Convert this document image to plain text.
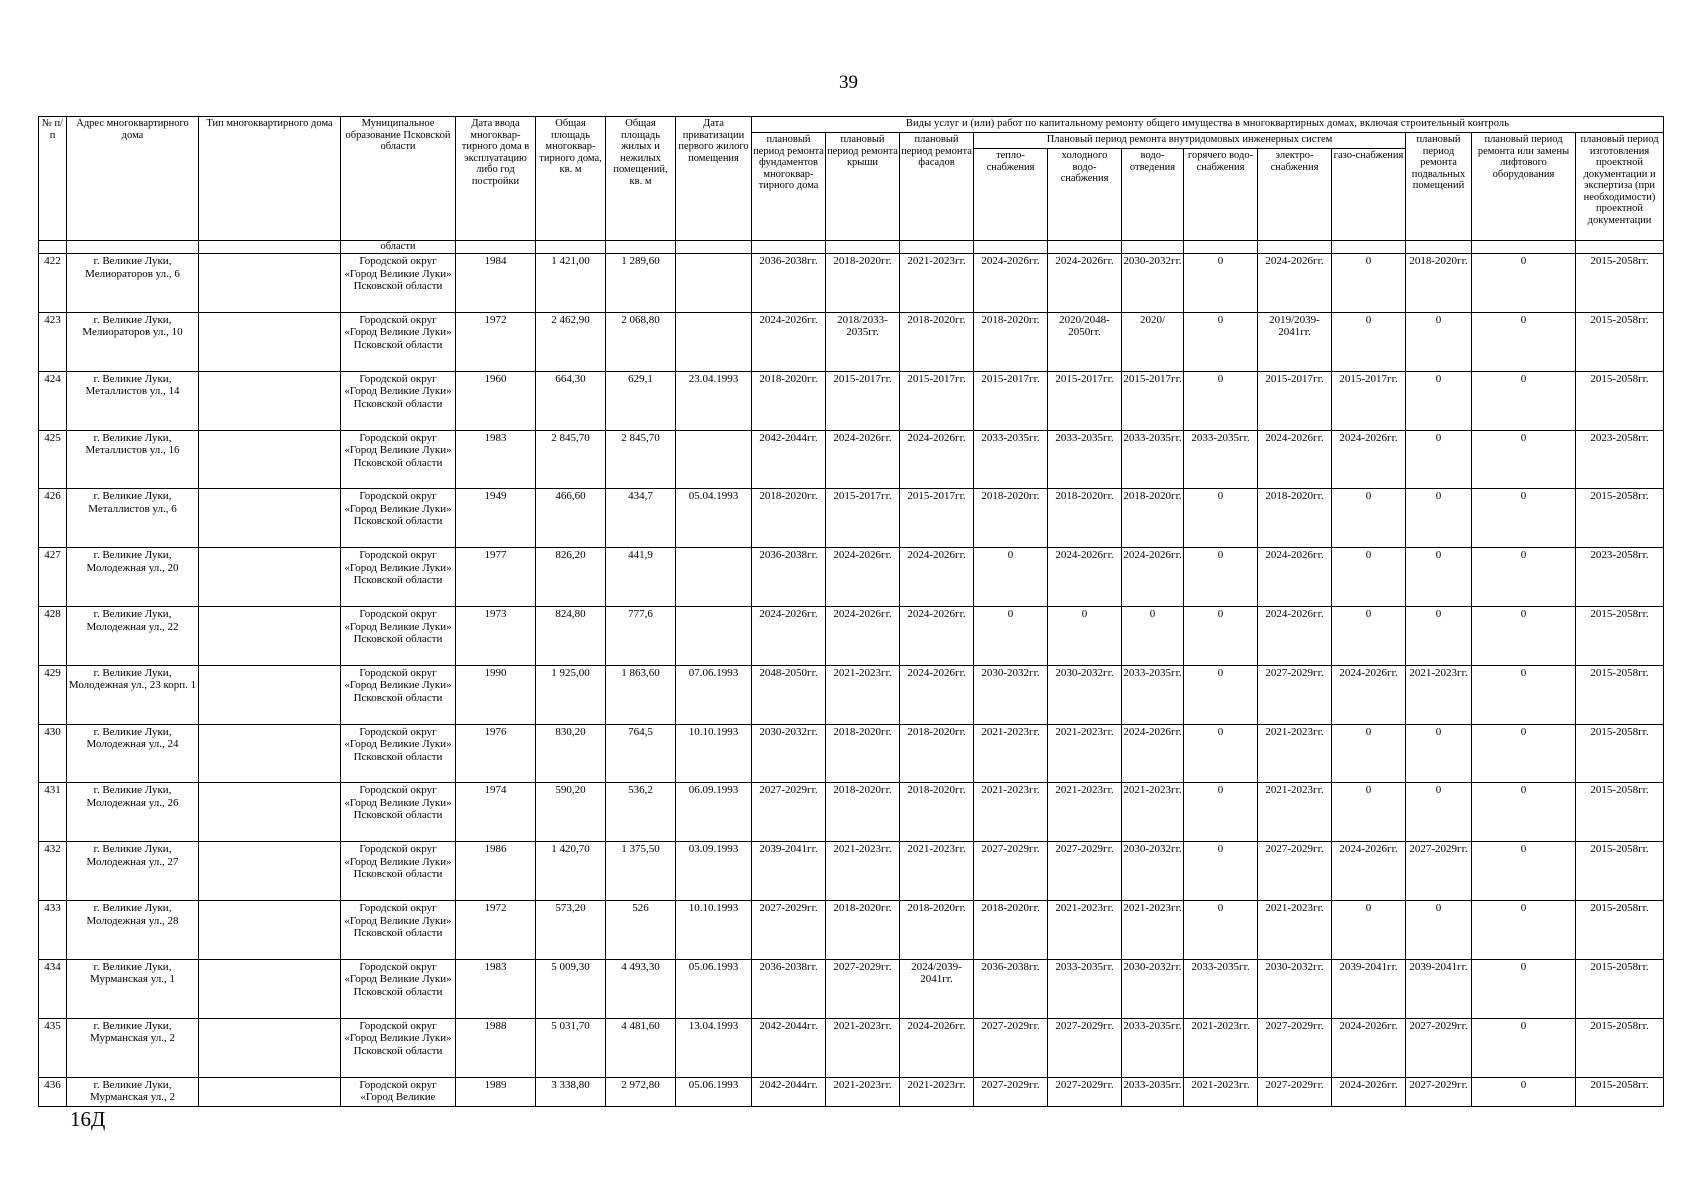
39
№ п/п	Адрес многоквартирного дома	Тип многоквартирного дома	Муниципальное образование Псковской области	Дата ввода многоквар-тирного дома в эксплуатацию либо год постройки	Общая площадь многоквар-тирного дома, кв. м	Общая площадь жилых и нежилых помещений, кв. м	Дата приватизации первого жилого помещения	Виды услуг и (или) работ по капитальному ремонту общего имущества в многоквартирных домах, включая строительный контроль											
								плановый период ремонта фундаментов многоквар-тирного дома	плановый период ремонта крыши	плановый период ремонта фасадов	Плановый период ремонта внутридомовых инженерных систем						плановый период ремонта подвальных помещений	плановый период ремонта или замены лифтового оборудования	плановый период изготовления проектной документации и экспертиза (при необходимости) проектной документации
											тепло-снабжения	холодного водо-снабжения	водо-отведения	горячего водо-снабжения	электро-снабжения	газо-снабжения			
			области																
422	г. Великие Луки, Мелиораторов ул., 6		Городской округ «Город Великие Луки» Псковской области	1984	1 421,00	1 289,60		2036-2038гг.	2018-2020гг.	2021-2023гг.	2024-2026гг.	2024-2026гг.	2030-2032гг.	0	2024-2026гг.	0	2018-2020гг.	0	2015-2058гг.
423	г. Великие Луки, Мелиораторов ул., 10		Городской округ «Город Великие Луки» Псковской области	1972	2 462,90	2 068,80		2024-2026гг.	2018/2033-2035гг.	2018-2020гг.	2018-2020гг.	2020/2048-2050гг.	2020/	0	2019/2039-2041гг.	0	0	0	2015-2058гг.
424	г. Великие Луки, Металлистов ул., 14		Городской округ «Город Великие Луки» Псковской области	1960	664,30	629,1	23.04.1993	2018-2020гг.	2015-2017гг.	2015-2017гг.	2015-2017гг.	2015-2017гг.	2015-2017гг.	0	2015-2017гг.	2015-2017гг.	0	0	2015-2058гг.
425	г. Великие Луки, Металлистов ул., 16		Городской округ «Город Великие Луки» Псковской области	1983	2 845,70	2 845,70		2042-2044гг.	2024-2026гг.	2024-2026гг.	2033-2035гг.	2033-2035гг.	2033-2035гг.	2033-2035гг.	2024-2026гг.	2024-2026гг.	0	0	2023-2058гг.
426	г. Великие Луки, Металлистов ул., 6		Городской округ «Город Великие Луки» Псковской области	1949	466,60	434,7	05.04.1993	2018-2020гг.	2015-2017гг.	2015-2017гг.	2018-2020гг.	2018-2020гг.	2018-2020гг.	0	2018-2020гг.	0	0	0	2015-2058гг.
427	г. Великие Луки, Молодежная ул., 20		Городской округ «Город Великие Луки» Псковской области	1977	826,20	441,9		2036-2038гг.	2024-2026гг.	2024-2026гг.	0	2024-2026гг.	2024-2026гг.	0	2024-2026гг.	0	0	0	2023-2058гг.
428	г. Великие Луки, Молодежная ул., 22		Городской округ «Город Великие Луки» Псковской области	1973	824,80	777,6		2024-2026гг.	2024-2026гг.	2024-2026гг.	0	0	0	0	2024-2026гг.	0	0	0	2015-2058гг.
429	г. Великие Луки, Молодежная ул., 23 корп. 1		Городской округ «Город Великие Луки» Псковской области	1990	1 925,00	1 863,60	07.06.1993	2048-2050гг.	2021-2023гг.	2024-2026гг.	2030-2032гг.	2030-2032гг.	2033-2035гг.	0	2027-2029гг.	2024-2026гг.	2021-2023гг.	0	2015-2058гг.
430	г. Великие Луки, Молодежная ул., 24		Городской округ «Город Великие Луки» Псковской области	1976	830,20	764,5	10.10.1993	2030-2032гг.	2018-2020гг.	2018-2020гг.	2021-2023гг.	2021-2023гг.	2024-2026гг.	0	2021-2023гг.	0	0	0	2015-2058гг.
431	г. Великие Луки, Молодежная ул., 26		Городской округ «Город Великие Луки» Псковской области	1974	590,20	536,2	06.09.1993	2027-2029гг.	2018-2020гг.	2018-2020гг.	2021-2023гг.	2021-2023гг.	2021-2023гг.	0	2021-2023гг.	0	0	0	2015-2058гг.
432	г. Великие Луки, Молодежная ул., 27		Городской округ «Город Великие Луки» Псковской области	1986	1 420,70	1 375,50	03.09.1993	2039-2041гг.	2021-2023гг.	2021-2023гг.	2027-2029гг.	2027-2029гг.	2030-2032гг.	0	2027-2029гг.	2024-2026гг.	2027-2029гг.	0	2015-2058гг.
433	г. Великие Луки, Молодежная ул., 28		Городской округ «Город Великие Луки» Псковской области	1972	573,20	526	10.10.1993	2027-2029гг.	2018-2020гг.	2018-2020гг.	2018-2020гг.	2021-2023гг.	2021-2023гг.	0	2021-2023гг.	0	0	0	2015-2058гг.
434	г. Великие Луки, Мурманская ул., 1		Городской округ «Город Великие Луки» Псковской области	1983	5 009,30	4 493,30	05.06.1993	2036-2038гг.	2027-2029гг.	2024/2039-2041гг.	2036-2038гг.	2033-2035гг.	2030-2032гг.	2033-2035гг.	2030-2032гг.	2039-2041гг.	2039-2041гг.	0	2015-2058гг.
435	г. Великие Луки, Мурманская ул., 2		Городской округ «Город Великие Луки» Псковской области	1988	5 031,70	4 481,60	13.04.1993	2042-2044гг.	2021-2023гг.	2024-2026гг.	2027-2029гг.	2027-2029гг.	2033-2035гг.	2021-2023гг.	2027-2029гг.	2024-2026гг.	2027-2029гг.	0	2015-2058гг.
436	г. Великие Луки, Мурманская ул., 2		Городской округ «Город Великие	1989	3 338,80	2 972,80	05.06.1993	2042-2044гг.	2021-2023гг.	2021-2023гг.	2027-2029гг.	2027-2029гг.	2033-2035гг.	2021-2023гг.	2027-2029гг.	2024-2026гг.	2027-2029гг.	0	2015-2058гг.
16Д
